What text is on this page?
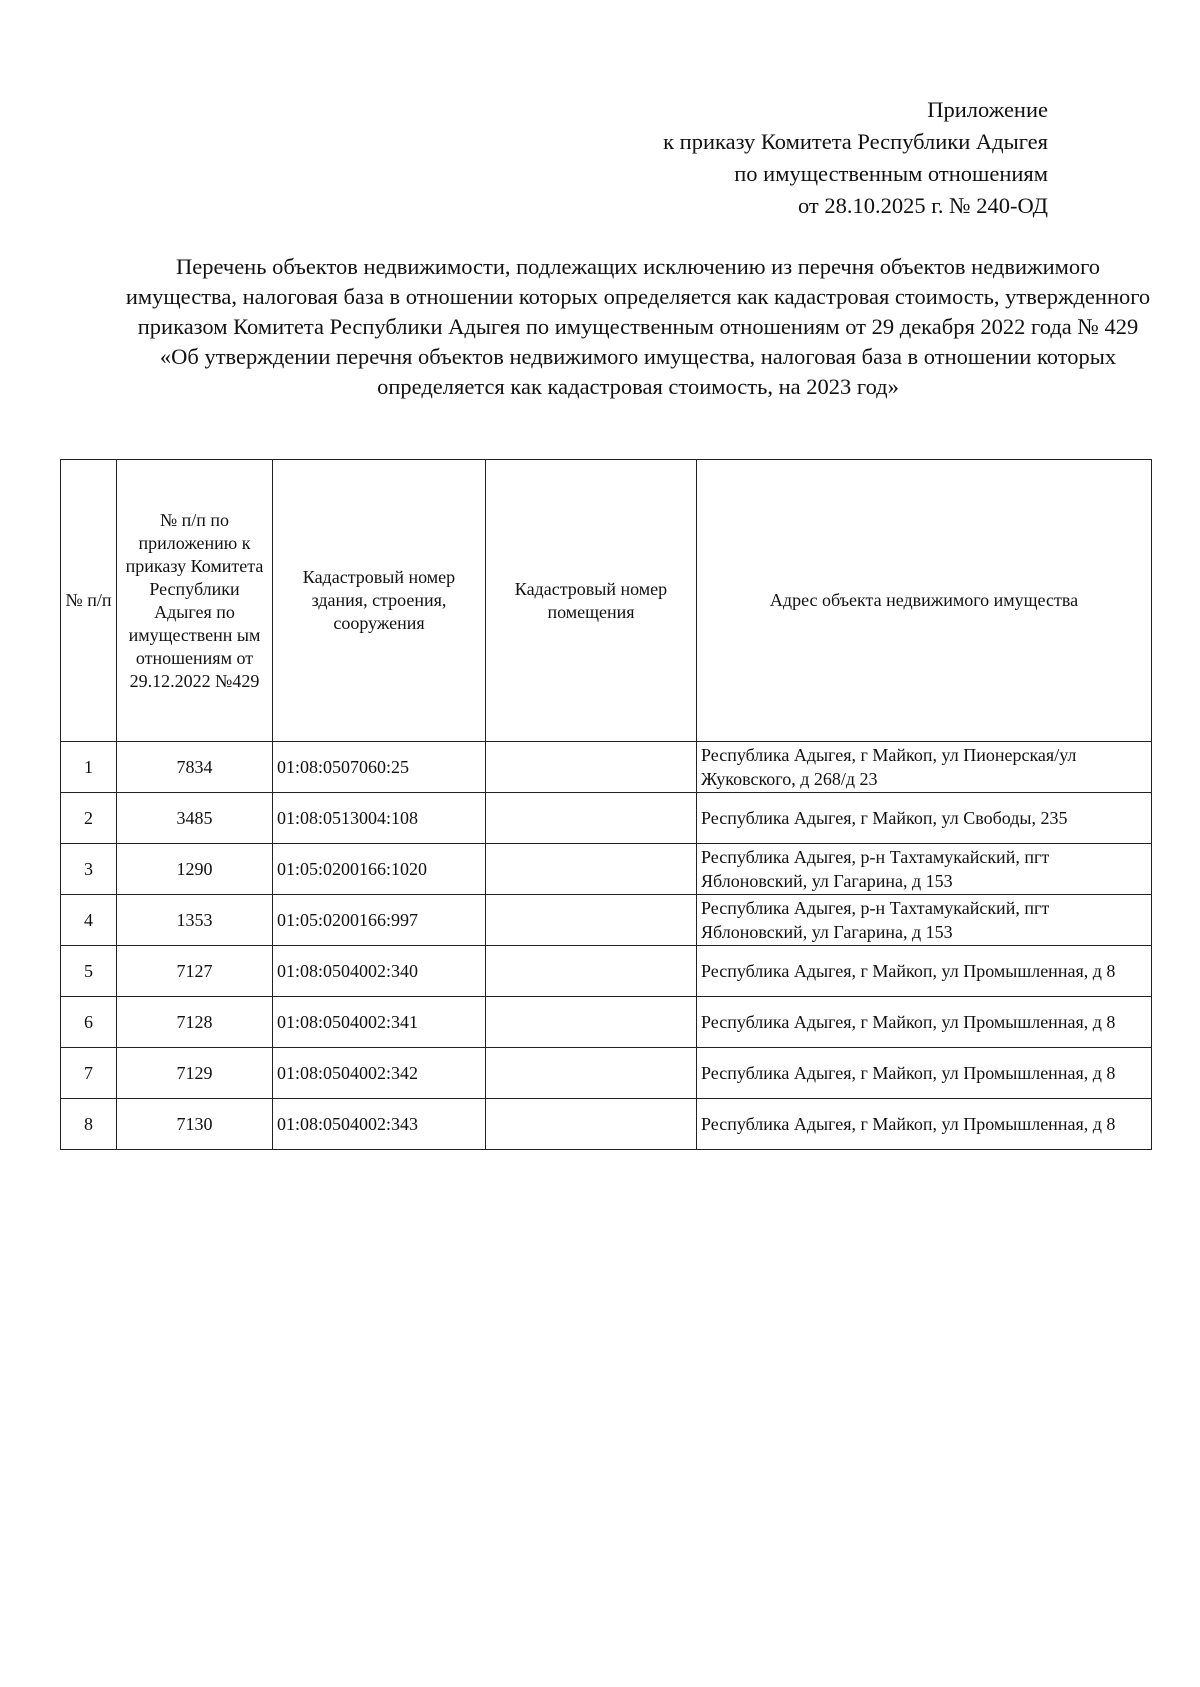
Приложение
к приказу Комитета Республики Адыгея
по имущественным отношениям
от 28.10.2025 г. № 240-ОД
Перечень объектов недвижимости, подлежащих исключению из перечня объектов недвижимого имущества, налоговая база в отношении которых определяется как кадастровая стоимость, утвержденного приказом Комитета Республики Адыгея по имущественным отношениям от 29 декабря 2022 года № 429 «Об утверждении перечня объектов недвижимого имущества, налоговая база в отношении которых определяется как кадастровая стоимость, на 2023 год»
№ п/п	№ п/п по приложению к приказу Комитета Республики Адыгея по имущественн ым отношениям от 29.12.2022 №429	Кадастровый номер здания, строения, сооружения	Кадастровый номер помещения	Адрес объекта недвижимого имущества
1	7834	01:08:0507060:25		Республика Адыгея, г Майкоп, ул Пионерская/ул Жуковского, д 268/д 23
2	3485	01:08:0513004:108		Республика Адыгея, г Майкоп, ул Свободы, 235
3	1290	01:05:0200166:1020		Республика Адыгея, р-н Тахтамукайский, пгт Яблоновский, ул Гагарина, д 153
4	1353	01:05:0200166:997		Республика Адыгея, р-н Тахтамукайский, пгт Яблоновский, ул Гагарина, д 153
5	7127	01:08:0504002:340		Республика Адыгея, г Майкоп, ул Промышленная, д 8
6	7128	01:08:0504002:341		Республика Адыгея, г Майкоп, ул Промышленная, д 8
7	7129	01:08:0504002:342		Республика Адыгея, г Майкоп, ул Промышленная, д 8
8	7130	01:08:0504002:343		Республика Адыгея, г Майкоп, ул Промышленная, д 8
